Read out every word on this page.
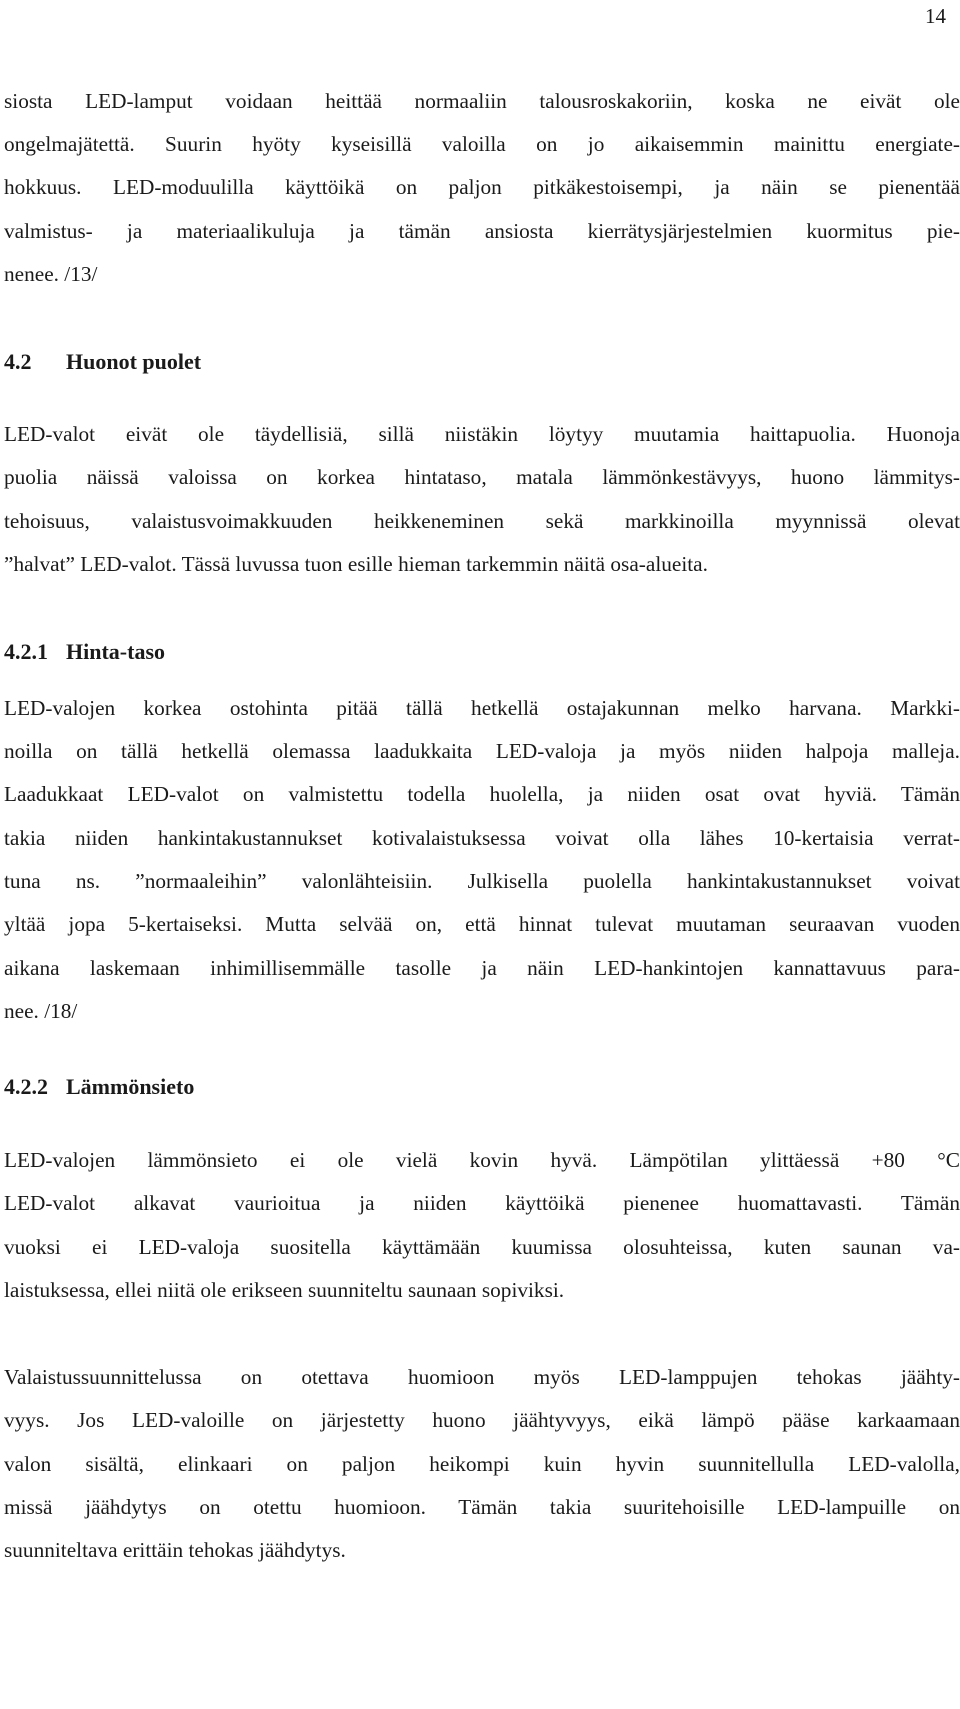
14
siosta LED-lamput voidaan heittää normaaliin talousroskakoriin, koska ne eivät ole
ongelmajätettä. Suurin hyöty kyseisillä valoilla on jo aikaisemmin mainittu energiate-
hokkuus. LED-moduulilla käyttöikä on paljon pitkäkestoisempi, ja näin se pienentää
valmistus- ja materiaalikuluja ja tämän ansiosta kierrätysjärjestelmien kuormitus pie-
nenee. /13/
4.2 Huonot puolet
LED-valot eivät ole täydellisiä, sillä niistäkin löytyy muutamia haittapuolia. Huonoja
puolia näissä valoissa on korkea hintataso, matala lämmönkestävyys, huono lämmitys-
tehoisuus, valaistusvoimakkuuden heikkeneminen sekä markkinoilla myynnissä olevat
”halvat” LED-valot. Tässä luvussa tuon esille hieman tarkemmin näitä osa-alueita.
4.2.1 Hinta-taso
LED-valojen korkea ostohinta pitää tällä hetkellä ostajakunnan melko harvana. Markki-
noilla on tällä hetkellä olemassa laadukkaita LED-valoja ja myös niiden halpoja malleja.
Laadukkaat LED-valot on valmistettu todella huolella, ja niiden osat ovat hyviä. Tämän
takia niiden hankintakustannukset kotivalaistuksessa voivat olla lähes 10-kertaisia verrat-
tuna ns. ”normaaleihin” valonlähteisiin. Julkisella puolella hankintakustannukset voivat
yltää jopa 5-kertaiseksi. Mutta selvää on, että hinnat tulevat muutaman seuraavan vuoden
aikana laskemaan inhimillisemmälle tasolle ja näin LED-hankintojen kannattavuus para-
nee. /18/
4.2.2 Lämmönsieto
LED-valojen lämmönsieto ei ole vielä kovin hyvä. Lämpötilan ylittäessä +80 °C
LED-valot alkavat vaurioitua ja niiden käyttöikä pienenee huomattavasti. Tämän
vuoksi ei LED-valoja suositella käyttämään kuumissa olosuhteissa, kuten saunan va-
laistuksessa, ellei niitä ole erikseen suunniteltu saunaan sopiviksi.
Valaistussuunnittelussa on otettava huomioon myös LED-lamppujen tehokas jäähty-
vyys. Jos LED-valoille on järjestetty huono jäähtyvyys, eikä lämpö pääse karkaamaan
valon sisältä, elinkaari on paljon heikompi kuin hyvin suunnitellulla LED-valolla,
missä jäähdytys on otettu huomioon. Tämän takia suuritehoisille LED-lampuille on
suunniteltava erittäin tehokas jäähdytys.
